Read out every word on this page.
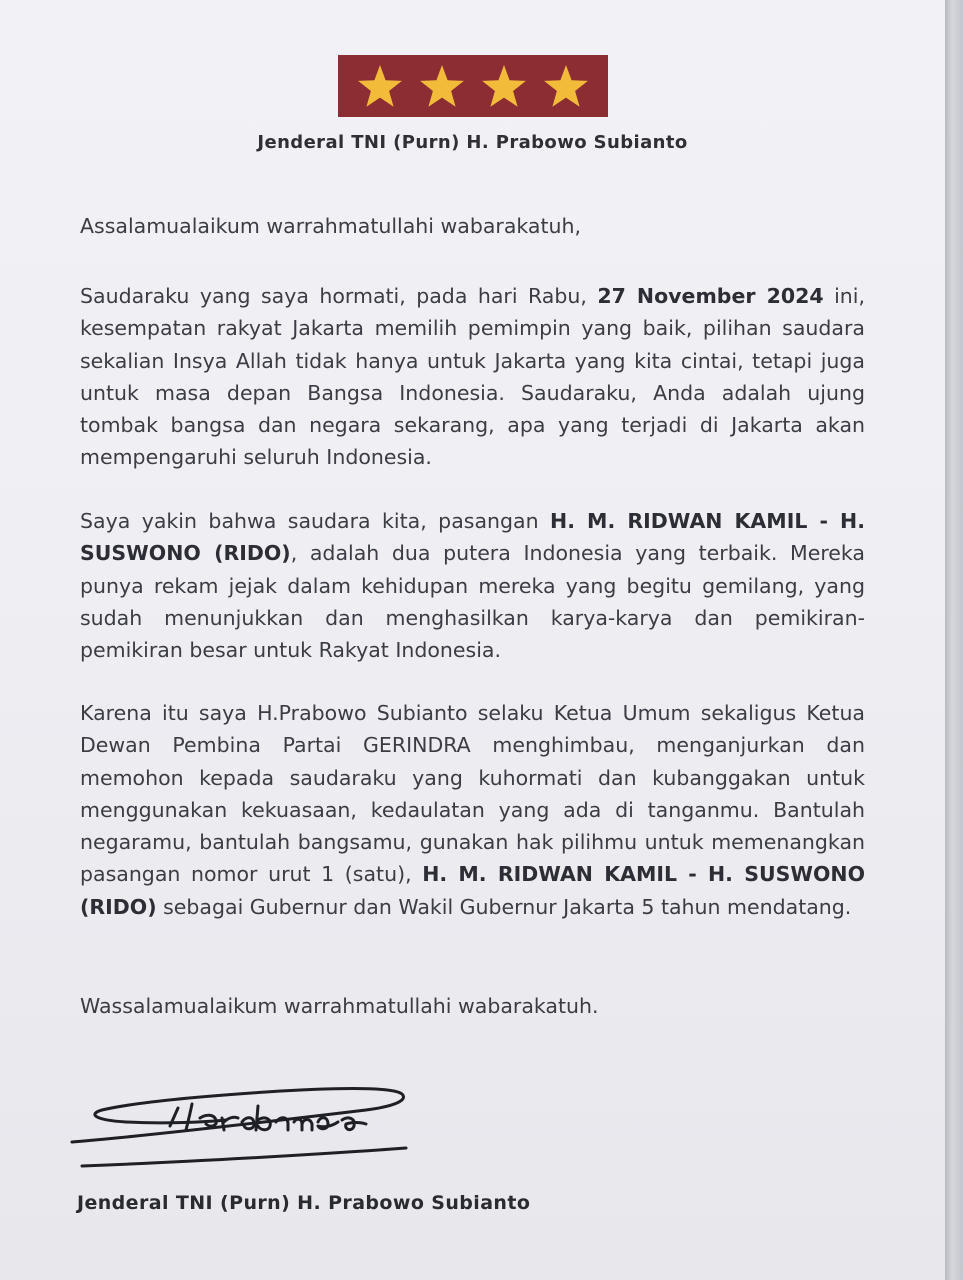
Jenderal TNI (Purn) H. Prabowo Subianto
Assalamualaikum warrahmatullahi wabarakatuh,
Saudaraku yang saya hormati, pada hari Rabu, 27 November 2024 ini, kesempatan rakyat Jakarta memilih pemimpin yang baik, pilihan saudara sekalian Insya Allah tidak hanya untuk Jakarta yang kita cintai, tetapi juga untuk masa depan Bangsa Indonesia. Saudaraku, Anda adalah ujung tombak bangsa dan negara sekarang, apa yang terjadi di Jakarta akan mempengaruhi seluruh Indonesia.
Saya yakin bahwa saudara kita, pasangan H. M. RIDWAN KAMIL - H. SUSWONO (RIDO), adalah dua putera Indonesia yang terbaik. Mereka punya rekam jejak dalam kehidupan mereka yang begitu gemilang, yang sudah menunjukkan dan menghasilkan karya-karya dan pemikiran-pemikiran besar untuk Rakyat Indonesia.
Karena itu saya H.Prabowo Subianto selaku Ketua Umum sekaligus Ketua Dewan Pembina Partai GERINDRA menghimbau, menganjurkan dan memohon kepada saudaraku yang kuhormati dan kubanggakan untuk menggunakan kekuasaan, kedaulatan yang ada di tanganmu. Bantulah negaramu, bantulah bangsamu, gunakan hak pilihmu untuk memenangkan pasangan nomor urut 1 (satu), H. M. RIDWAN KAMIL - H. SUSWONO (RIDO) sebagai Gubernur dan Wakil Gubernur Jakarta 5 tahun mendatang.
Wassalamualaikum warrahmatullahi wabarakatuh.
Jenderal TNI (Purn) H. Prabowo Subianto
